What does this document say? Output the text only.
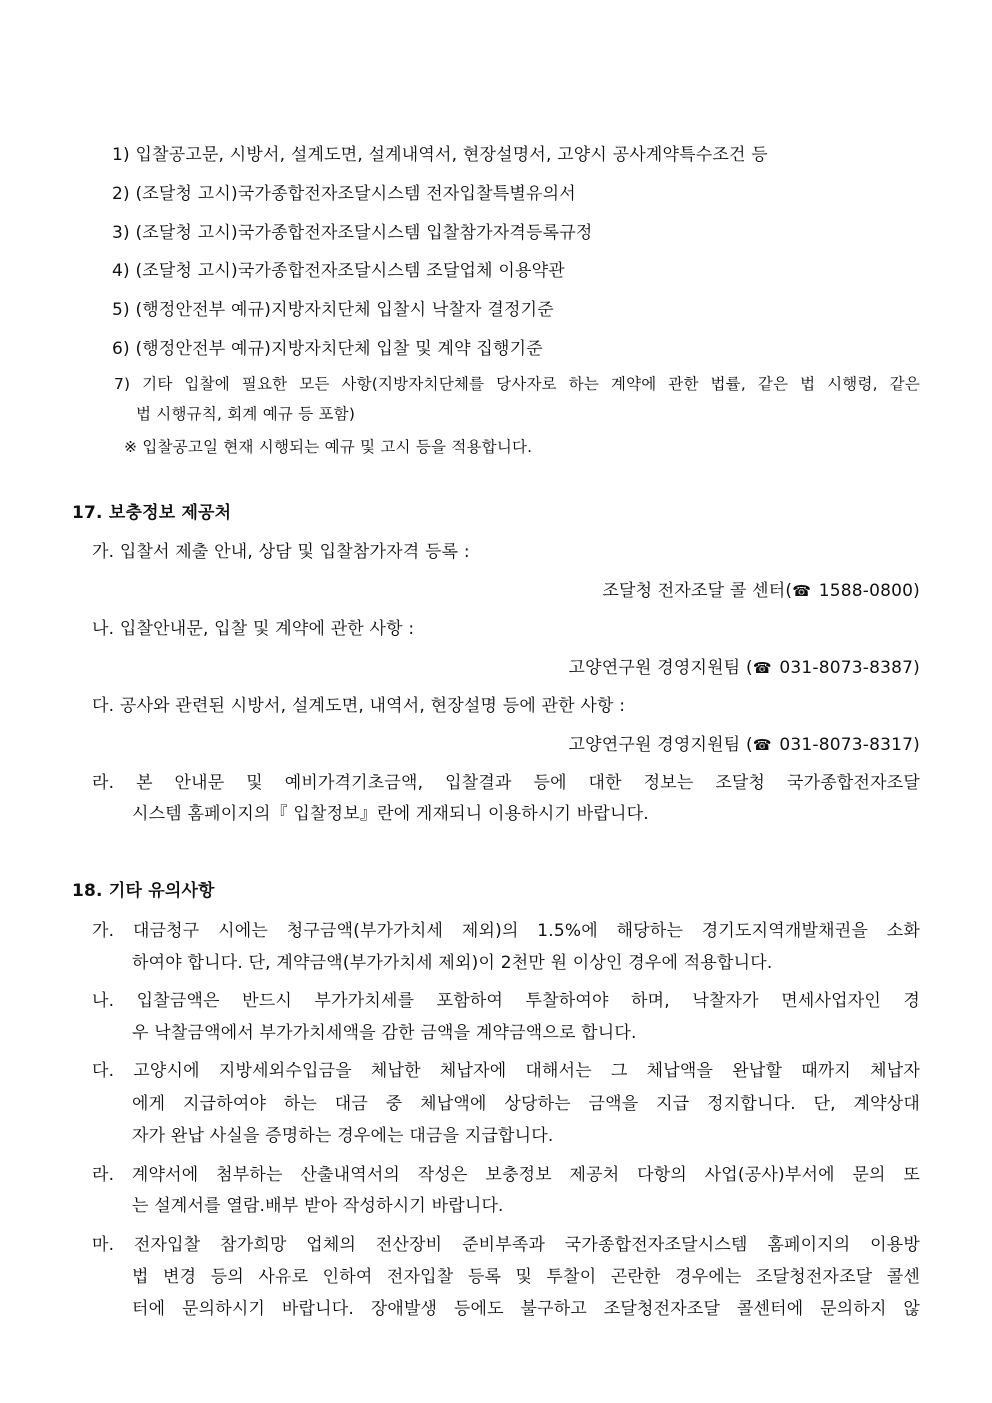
1) 입찰공고문, 시방서, 설계도면, 설계내역서, 현장설명서, 고양시 공사계약특수조건 등
2) (조달청 고시)국가종합전자조달시스템 전자입찰특별유의서
3) (조달청 고시)국가종합전자조달시스템 입찰참가자격등록규정
4) (조달청 고시)국가종합전자조달시스템 조달업체 이용약관
5) (행정안전부 예규)지방자치단체 입찰시 낙찰자 결정기준
6) (행정안전부 예규)지방자치단체 입찰 및 계약 집행기준
7) 기타 입찰에 필요한 모든 사항(지방자치단체를 당사자로 하는 계약에 관한 법률, 같은 법 시행령, 같은
법 시행규칙, 회계 예규 등 포함)
※ 입찰공고일 현재 시행되는 예규 및 고시 등을 적용합니다.
17. 보충정보 제공처
가. 입찰서 제출 안내, 상담 및 입찰참가자격 등록 :
조달청 전자조달 콜 센터(☎ 1588-0800)
나. 입찰안내문, 입찰 및 계약에 관한 사항 :
고양연구원 경영지원팀 (☎ 031-8073-8387)
다. 공사와 관련된 시방서, 설계도면, 내역서, 현장설명 등에 관한 사항 :
고양연구원 경영지원팀 (☎ 031-8073-8317)
라. 본 안내문 및 예비가격기초금액, 입찰결과 등에 대한 정보는 조달청 국가종합전자조달
시스템 홈페이지의『 입찰정보』란에 게재되니 이용하시기 바랍니다.
18. 기타 유의사항
가. 대금청구 시에는 청구금액(부가가치세 제외)의 1.5%에 해당하는 경기도지역개발채권을 소화
하여야 합니다. 단, 계약금액(부가가치세 제외)이 2천만 원 이상인 경우에 적용합니다.
나. 입찰금액은 반드시 부가가치세를 포함하여 투찰하여야 하며, 낙찰자가 면세사업자인 경
우 낙찰금액에서 부가가치세액을 감한 금액을 계약금액으로 합니다.
다. 고양시에 지방세외수입금을 체납한 체납자에 대해서는 그 체납액을 완납할 때까지 체납자
에게 지급하여야 하는 대금 중 체납액에 상당하는 금액을 지급 정지합니다. 단, 계약상대
자가 완납 사실을 증명하는 경우에는 대금을 지급합니다.
라. 계약서에 첨부하는 산출내역서의 작성은 보충정보 제공처 다항의 사업(공사)부서에 문의 또
는 설계서를 열람.배부 받아 작성하시기 바랍니다.
마. 전자입찰 참가희망 업체의 전산장비 준비부족과 국가종합전자조달시스템 홈페이지의 이용방
법 변경 등의 사유로 인하여 전자입찰 등록 및 투찰이 곤란한 경우에는 조달청전자조달 콜센
터에 문의하시기 바랍니다. 장애발생 등에도 불구하고 조달청전자조달 콜센터에 문의하지 않
